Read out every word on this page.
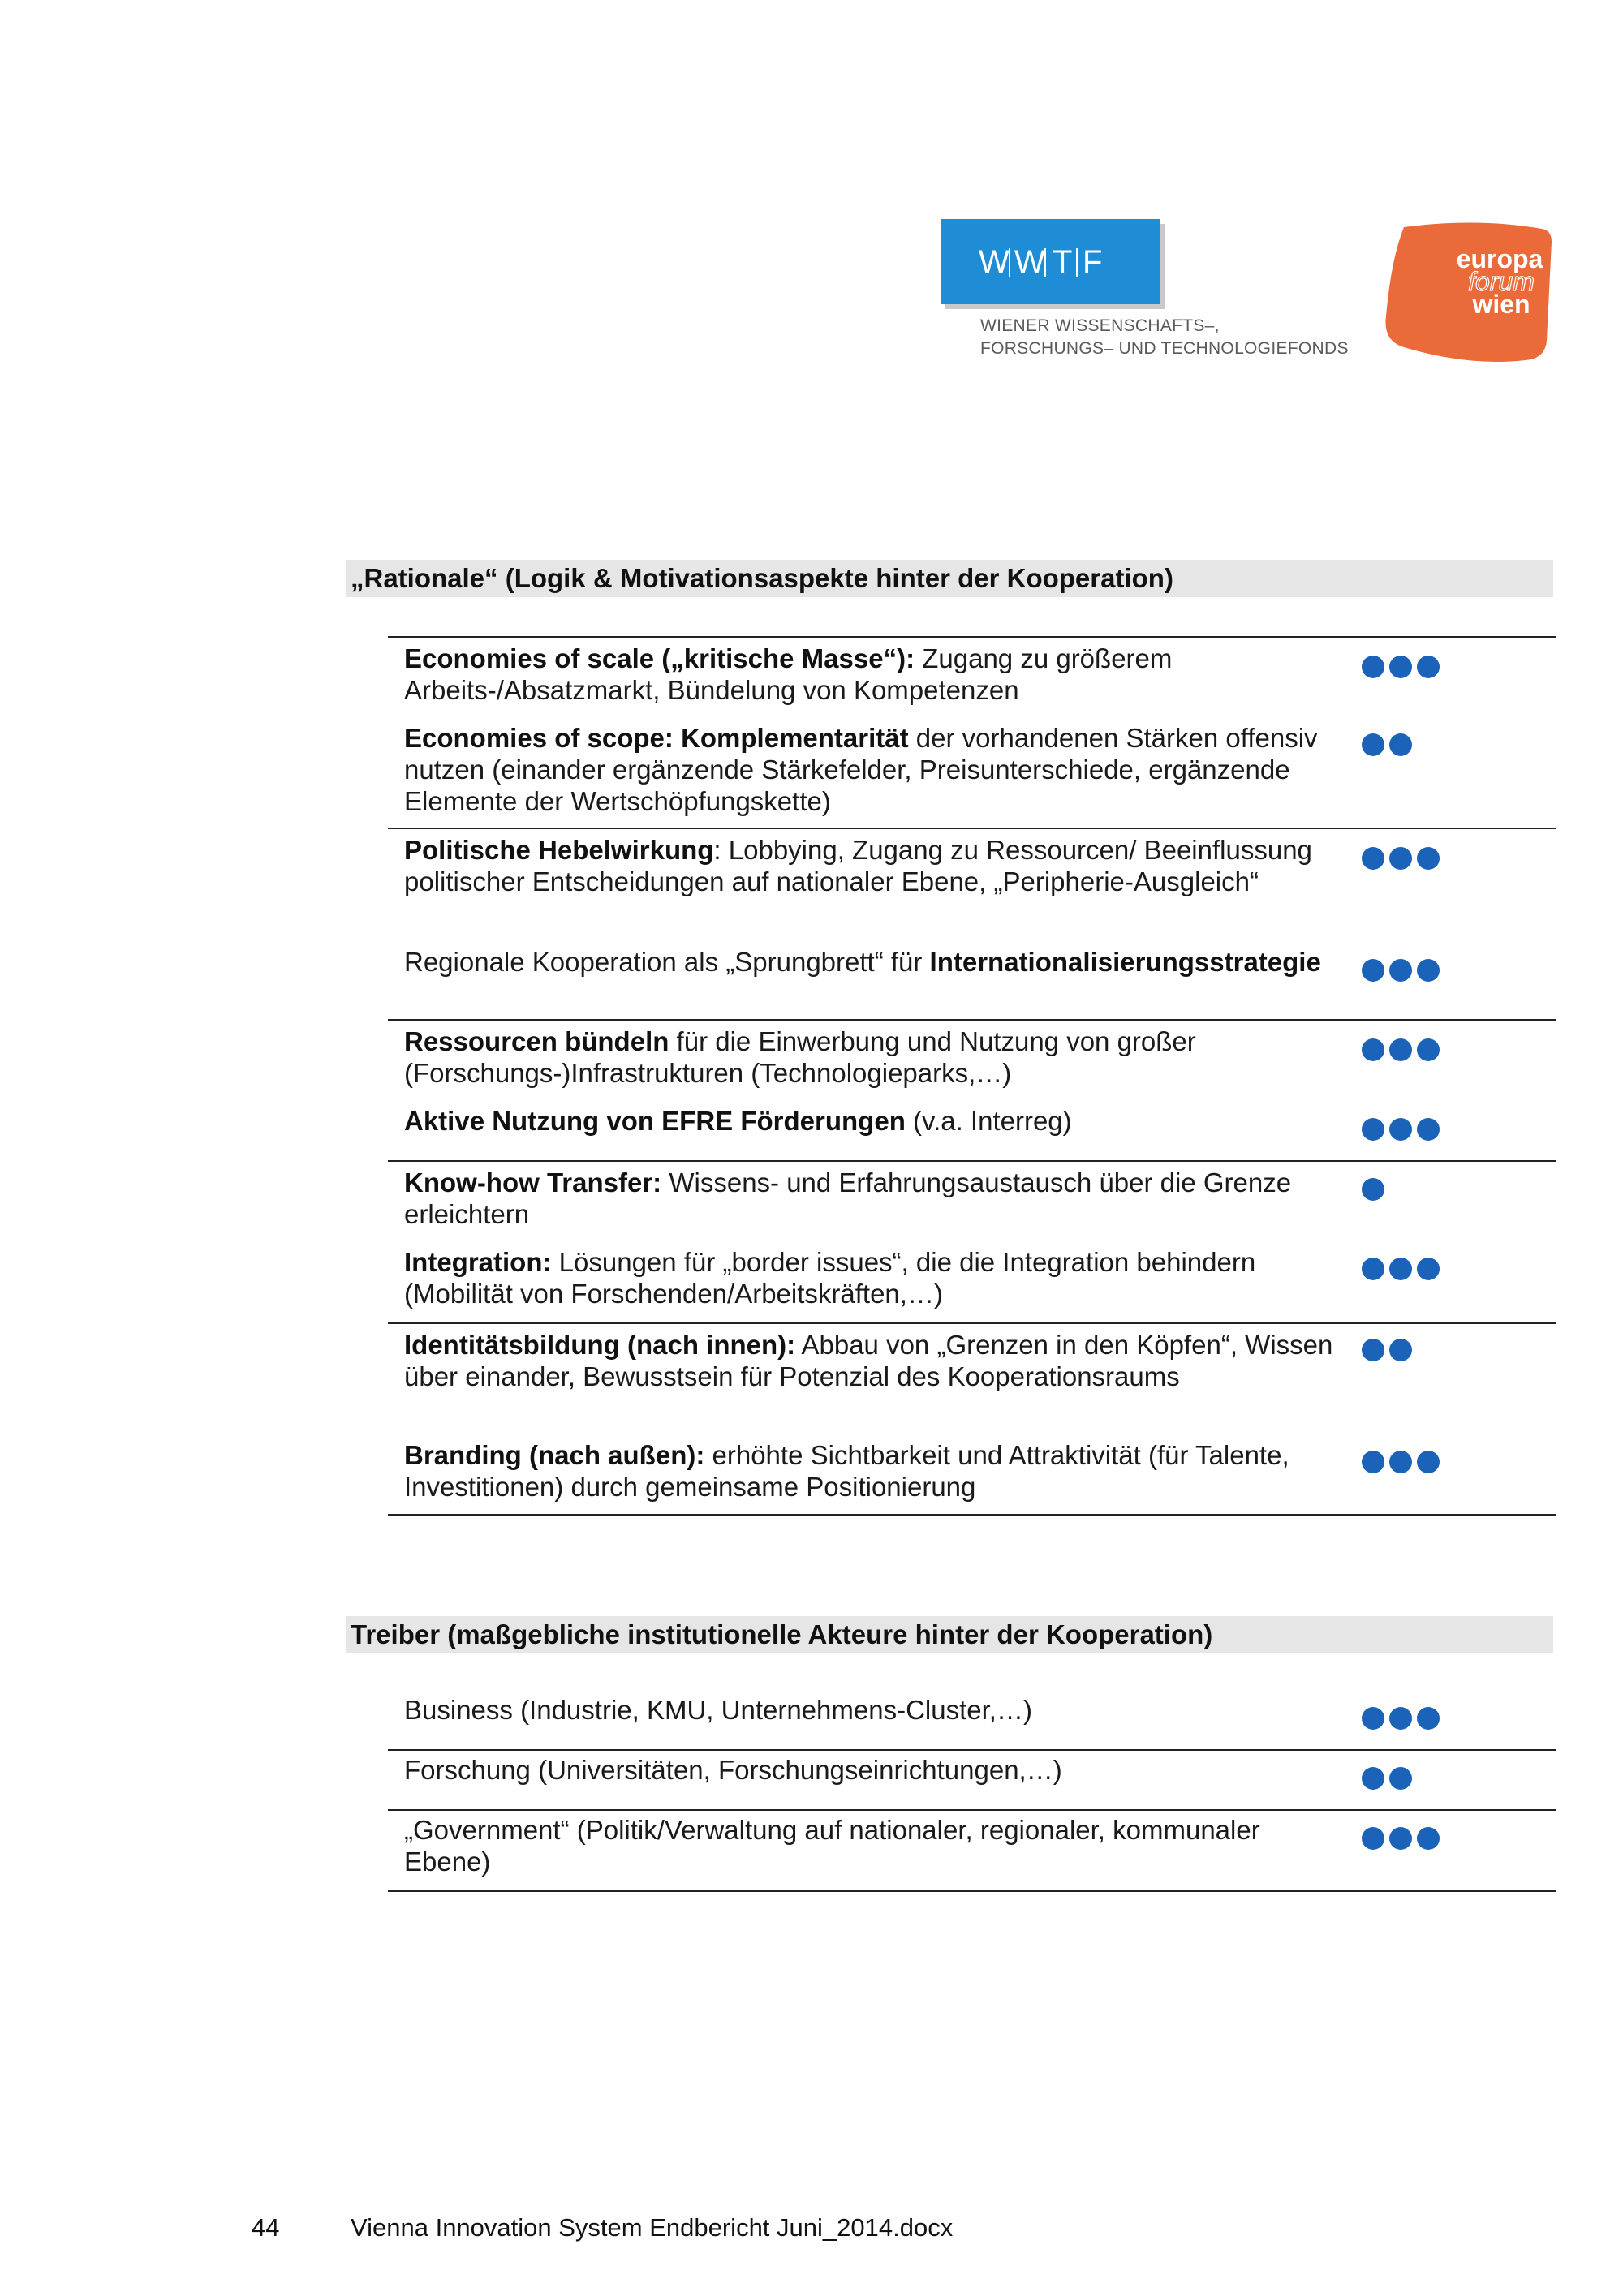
W W T F
WIENER WISSENSCHAFTS–,
FORSCHUNGS– UND TECHNOLOGIEFONDS
europa
forum
wien
„Rationale“ (Logik & Motivationsaspekte hinter der Kooperation)
Economies of scale („kritische Masse“): Zugang zu größerem Arbeits-/Absatzmarkt, Bündelung von Kompetenzen
Economies of scope: Komplementarität der vorhandenen Stärken offensiv nutzen (einander ergänzende Stärkefelder, Preisunterschiede, ergänzende Elemente der Wertschöpfungskette)
Politische Hebelwirkung: Lobbying, Zugang zu Ressourcen/ Beeinflussung politischer Entscheidungen auf nationaler Ebene, „Peripherie-Ausgleich“
Regionale Kooperation als „Sprungbrett“ für Internationalisierungsstrategie
Ressourcen bündeln für die Einwerbung und Nutzung von großer (Forschungs-)Infrastrukturen (Technologieparks,…)
Aktive Nutzung von EFRE Förderungen (v.a. Interreg)
Know-how Transfer: Wissens- und Erfahrungsaustausch über die Grenze erleichtern
Integration: Lösungen für „border issues“, die die Integration behindern (Mobilität von Forschenden/Arbeitskräften,…)
Identitätsbildung (nach innen): Abbau von „Grenzen in den Köpfen“, Wissen über einander, Bewusstsein für Potenzial des Kooperationsraums
Branding (nach außen): erhöhte Sichtbarkeit und Attraktivität (für Talente, Investitionen) durch gemeinsame Positionierung
Treiber (maßgebliche institutionelle Akteure hinter der Kooperation)
Business (Industrie, KMU, Unternehmens-Cluster,…)
Forschung (Universitäten, Forschungseinrichtungen,…)
„Government“ (Politik/Verwaltung auf nationaler, regionaler, kommunaler Ebene)
44	Vienna Innovation System Endbericht Juni_2014.docx
